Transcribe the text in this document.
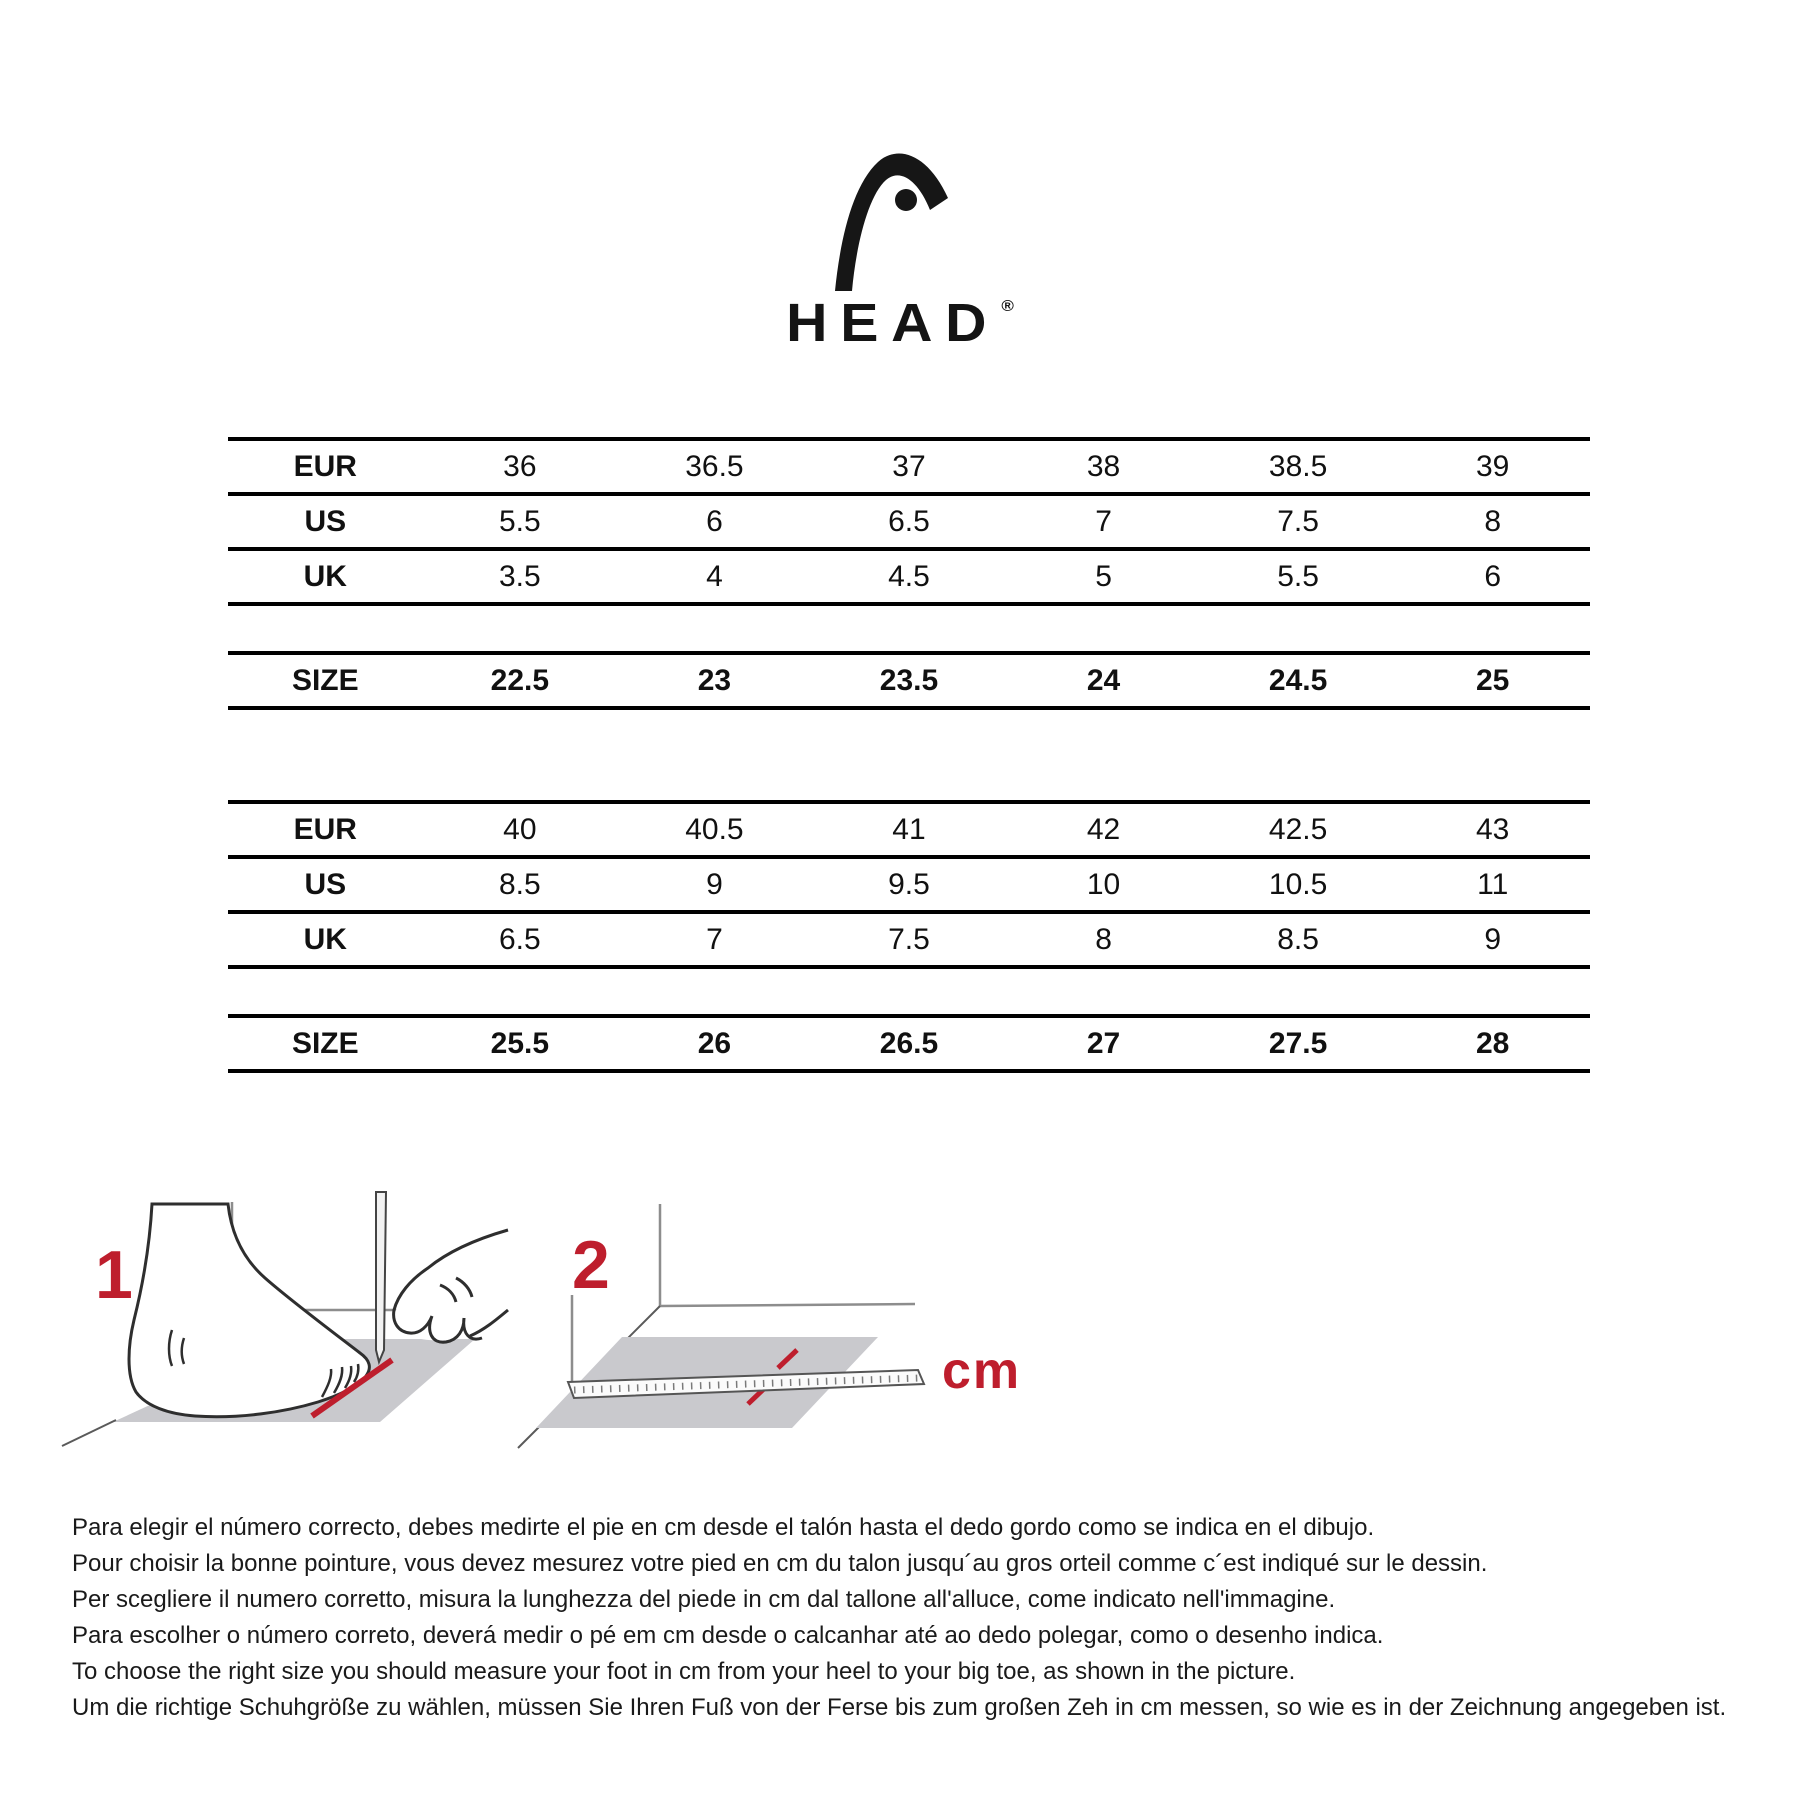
HEAD ®
EUR	36	36.5	37	38	38.5	39
US	5.5	6	6.5	7	7.5	8
UK	3.5	4	4.5	5	5.5	6

SIZE	22.5	23	23.5	24	24.5	25
EUR	40	40.5	41	42	42.5	43
US	8.5	9	9.5	10	10.5	11
UK	6.5	7	7.5	8	8.5	9

SIZE	25.5	26	26.5	27	27.5	28
1	2
cm

Para elegir el número correcto, debes medirte el pie en cm desde el talón hasta el dedo gordo como se indica en el dibujo.

Pour choisir la bonne pointure, vous devez mesurez votre pied en cm du talon jusqu´au gros orteil comme c´est indiqué sur le dessin.

Per scegliere il numero corretto, misura la lunghezza del piede in cm dal tallone all'alluce, come indicato nell'immagine.

Para escolher o número correto, deverá medir o pé em cm desde o calcanhar até ao dedo polegar, como o desenho indica.

To choose the right size you should measure your foot in cm from your heel to your big toe, as shown in the picture.

Um die richtige Schuhgröße zu wählen, müssen Sie Ihren Fuß von der Ferse bis zum großen Zeh in cm messen, so wie es in der Zeichnung angegeben ist.
